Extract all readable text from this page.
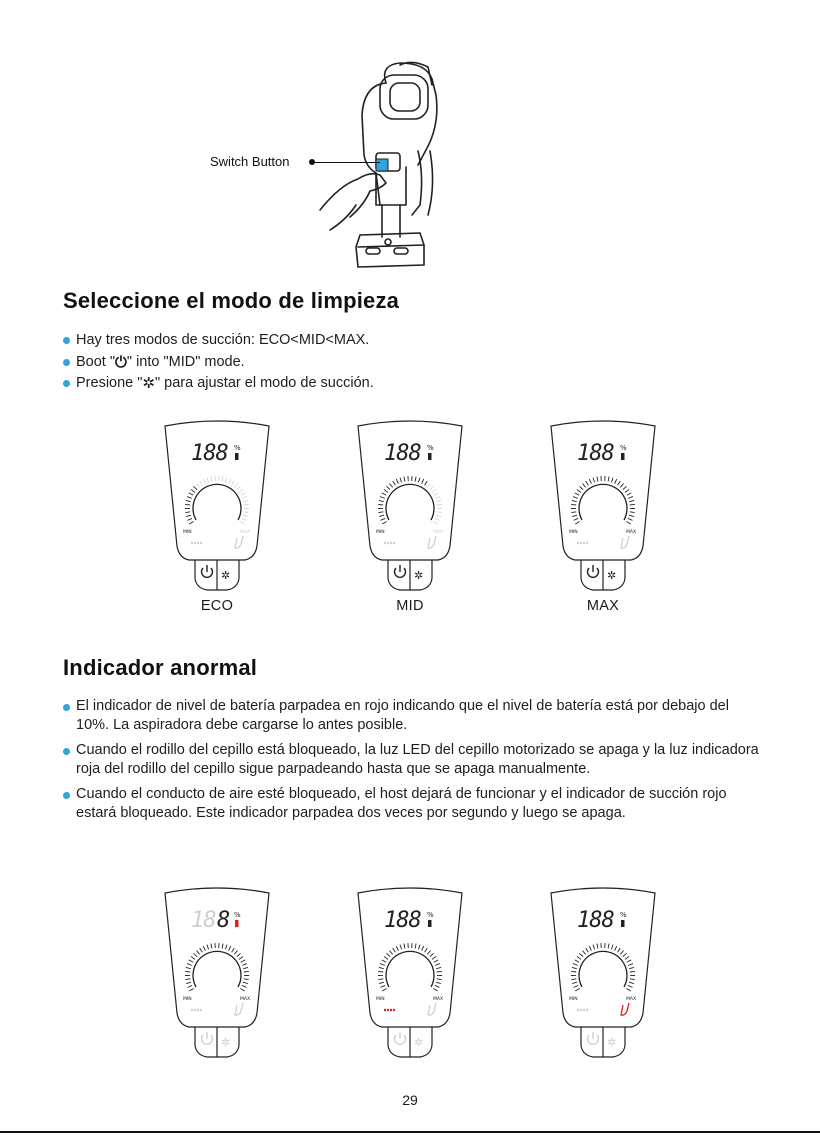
Switch Button
Seleccione el modo de limpieza
Hay tres modos de succión: ECO<MID<MAX.
Boot "⏻" into "MID" mode.
Presione "✲" para ajustar el modo de succión.
188 %
MIN	MAX
✲
188 %
MIN	MAX
✲
188 %
MIN	MAX
✲
ECO	MID	MAX
Indicador anormal
El indicador de nivel de batería parpadea en rojo indicando que el nivel de batería está por debajo del 10%. La aspiradora debe cargarse lo antes posible.
Cuando el rodillo del cepillo está bloqueado, la luz LED del cepillo motorizado se apaga y la luz indicadora roja del rodillo del cepillo sigue parpadeando hasta que se apaga manualmente.
Cuando el conducto de aire esté bloqueado, el host dejará de funcionar y el indicador de succión rojo estará bloqueado. Este indicador parpadea dos veces por segundo y luego se apaga.
8
18	%
MIN	MAX
✲
188 %
MIN	MAX
✲
188 %
MIN	MAX
✲
29
